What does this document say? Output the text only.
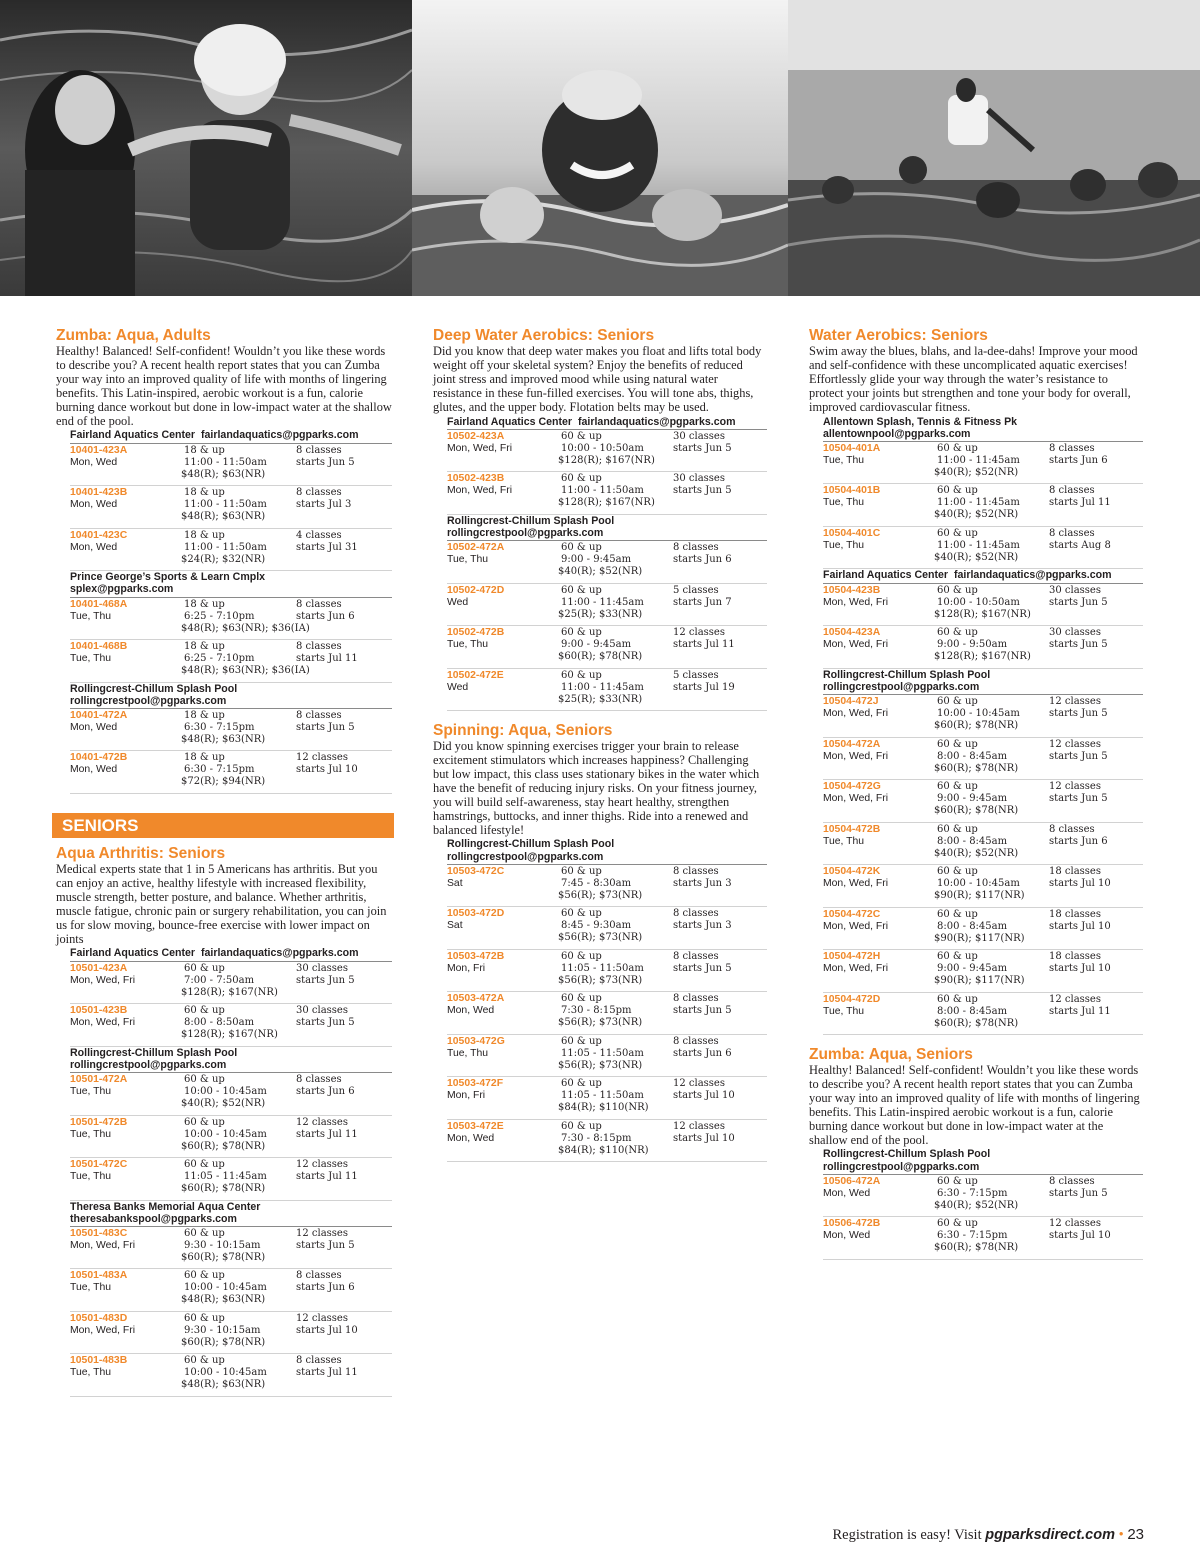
Zumba: Aqua, Adults

Healthy! Balanced! Self-confident! Wouldn’t you like these words to describe you? A recent health report states that you can Zumba your way into an improved quality of life with months of lingering benefits. This Latin-inspired, aerobic workout is a fun, calorie burning dance workout but done in low-impact water at the shallow end of the pool.

Fairland Aquatics Center fairlandaquatics@pgparks.com
10401-423A
Mon, Wed
18 & up
11:00 - 11:50am
$48(R); $63(NR)
8 classes
starts Jun 5
10401-423B
Mon, Wed
18 & up
11:00 - 11:50am
$48(R); $63(NR)
8 classes
starts Jul 3
10401-423C
Mon, Wed
18 & up
11:00 - 11:50am
$24(R); $32(NR)
4 classes
starts Jul 31
Prince George’s Sports & Learn Cmplx
splex@pgparks.com
10401-468A
Tue, Thu
18 & up
6:25 - 7:10pm
$48(R); $63(NR); $36(IA)
8 classes
starts Jun 6
10401-468B
Tue, Thu
18 & up
6:25 - 7:10pm
$48(R); $63(NR); $36(IA)
8 classes
starts Jul 11
Rollingcrest-Chillum Splash Pool
rollingcrestpool@pgparks.com
10401-472A
Mon, Wed
18 & up
6:30 - 7:15pm
$48(R); $63(NR)
8 classes
starts Jun 5
10401-472B
Mon, Wed
18 & up
6:30 - 7:15pm
$72(R); $94(NR)
12 classes
starts Jul 10
SENIORS
Aqua Arthritis: Seniors

Medical experts state that 1 in 5 Americans has arthritis. But you can enjoy an active, healthy lifestyle with increased flexibility, muscle strength, better posture, and balance. Whether arthritis, muscle fatigue, chronic pain or surgery rehabilitation, you can join us for slow moving, bounce-free exercise with lower impact on joints

Fairland Aquatics Center fairlandaquatics@pgparks.com
10501-423A
Mon, Wed, Fri
60 & up
7:00 - 7:50am
$128(R); $167(NR)
30 classes
starts Jun 5
10501-423B
Mon, Wed, Fri
60 & up
8:00 - 8:50am
$128(R); $167(NR)
30 classes
starts Jun 5
Rollingcrest-Chillum Splash Pool
rollingcrestpool@pgparks.com
10501-472A
Tue, Thu
60 & up
10:00 - 10:45am
$40(R); $52(NR)
8 classes
starts Jun 6
10501-472B
Tue, Thu
60 & up
10:00 - 10:45am
$60(R); $78(NR)
12 classes
starts Jul 11
10501-472C
Tue, Thu
60 & up
11:05 - 11:45am
$60(R); $78(NR)
12 classes
starts Jul 11
Theresa Banks Memorial Aqua Center
theresabankspool@pgparks.com
10501-483C
Mon, Wed, Fri
60 & up
9:30 - 10:15am
$60(R); $78(NR)
12 classes
starts Jun 5
10501-483A
Tue, Thu
60 & up
10:00 - 10:45am
$48(R); $63(NR)
8 classes
starts Jun 6
10501-483D
Mon, Wed, Fri
60 & up
9:30 - 10:15am
$60(R); $78(NR)
12 classes
starts Jul 10
10501-483B
Tue, Thu
60 & up
10:00 - 10:45am
$48(R); $63(NR)
8 classes
starts Jul 11
Deep Water Aerobics: Seniors

Did you know that deep water makes you float and lifts total body weight off your skeletal system? Enjoy the benefits of reduced joint stress and improved mood while using natural water resistance in these fun-filled exercises. You will tone abs, thighs, glutes, and the upper body. Flotation belts may be used.

Fairland Aquatics Center fairlandaquatics@pgparks.com
10502-423A
Mon, Wed, Fri
60 & up
10:00 - 10:50am
$128(R); $167(NR)
30 classes
starts Jun 5
10502-423B
Mon, Wed, Fri
60 & up
11:00 - 11:50am
$128(R); $167(NR)
30 classes
starts Jun 5
Rollingcrest-Chillum Splash Pool
rollingcrestpool@pgparks.com
10502-472A
Tue, Thu
60 & up
9:00 - 9:45am
$40(R); $52(NR)
8 classes
starts Jun 6
10502-472D
Wed
60 & up
11:00 - 11:45am
$25(R); $33(NR)
5 classes
starts Jun 7
10502-472B
Tue, Thu
60 & up
9:00 - 9:45am
$60(R); $78(NR)
12 classes
starts Jul 11
10502-472E
Wed
60 & up
11:00 - 11:45am
$25(R); $33(NR)
5 classes
starts Jul 19
Spinning: Aqua, Seniors

Did you know spinning exercises trigger your brain to release excitement stimulators which increases happiness? Challenging but low impact, this class uses stationary bikes in the water which have the benefit of reducing injury risks. On your fitness journey, you will build self-awareness, stay heart healthy, strengthen hamstrings, buttocks, and inner thighs. Ride into a renewed and balanced lifestyle!

Rollingcrest-Chillum Splash Pool
rollingcrestpool@pgparks.com
10503-472C
Sat
60 & up
7:45 - 8:30am
$56(R); $73(NR)
8 classes
starts Jun 3
10503-472D
Sat
60 & up
8:45 - 9:30am
$56(R); $73(NR)
8 classes
starts Jun 3
10503-472B
Mon, Fri
60 & up
11:05 - 11:50am
$56(R); $73(NR)
8 classes
starts Jun 5
10503-472A
Mon, Wed
60 & up
7:30 - 8:15pm
$56(R); $73(NR)
8 classes
starts Jun 5
10503-472G
Tue, Thu
60 & up
11:05 - 11:50am
$56(R); $73(NR)
8 classes
starts Jun 6
10503-472F
Mon, Fri
60 & up
11:05 - 11:50am
$84(R); $110(NR)
12 classes
starts Jul 10
10503-472E
Mon, Wed
60 & up
7:30 - 8:15pm
$84(R); $110(NR)
12 classes
starts Jul 10
Water Aerobics: Seniors

Swim away the blues, blahs, and la-dee-dahs! Improve your mood and self-confidence with these uncomplicated aquatic exercises! Effortlessly glide your way through the water’s resistance to protect your joints but strengthen and tone your body for overall, improved cardiovascular fitness.

Allentown Splash, Tennis & Fitness Pk
allentownpool@pgparks.com
10504-401A
Tue, Thu
60 & up
11:00 - 11:45am
$40(R); $52(NR)
8 classes
starts Jun 6
10504-401B
Tue, Thu
60 & up
11:00 - 11:45am
$40(R); $52(NR)
8 classes
starts Jul 11
10504-401C
Tue, Thu
60 & up
11:00 - 11:45am
$40(R); $52(NR)
8 classes
starts Aug 8
Fairland Aquatics Center fairlandaquatics@pgparks.com
10504-423B
Mon, Wed, Fri
60 & up
10:00 - 10:50am
$128(R); $167(NR)
30 classes
starts Jun 5
10504-423A
Mon, Wed, Fri
60 & up
9:00 - 9:50am
$128(R); $167(NR)
30 classes
starts Jun 5
Rollingcrest-Chillum Splash Pool
rollingcrestpool@pgparks.com
10504-472J
Mon, Wed, Fri
60 & up
10:00 - 10:45am
$60(R); $78(NR)
12 classes
starts Jun 5
10504-472A
Mon, Wed, Fri
60 & up
8:00 - 8:45am
$60(R); $78(NR)
12 classes
starts Jun 5
10504-472G
Mon, Wed, Fri
60 & up
9:00 - 9:45am
$60(R); $78(NR)
12 classes
starts Jun 5
10504-472B
Tue, Thu
60 & up
8:00 - 8:45am
$40(R); $52(NR)
8 classes
starts Jun 6
10504-472K
Mon, Wed, Fri
60 & up
10:00 - 10:45am
$90(R); $117(NR)
18 classes
starts Jul 10
10504-472C
Mon, Wed, Fri
60 & up
8:00 - 8:45am
$90(R); $117(NR)
18 classes
starts Jul 10
10504-472H
Mon, Wed, Fri
60 & up
9:00 - 9:45am
$90(R); $117(NR)
18 classes
starts Jul 10
10504-472D
Tue, Thu
60 & up
8:00 - 8:45am
$60(R); $78(NR)
12 classes
starts Jul 11
Zumba: Aqua, Seniors

Healthy! Balanced! Self-confident! Wouldn’t you like these words to describe you? A recent health report states that you can Zumba your way into an improved quality of life with months of lingering benefits. This Latin-inspired aerobic workout is a fun, calorie burning dance workout but done in low-impact water at the shallow end of the pool.

Rollingcrest-Chillum Splash Pool
rollingcrestpool@pgparks.com
10506-472A
Mon, Wed
60 & up
6:30 - 7:15pm
$40(R); $52(NR)
8 classes
starts Jun 5
10506-472B
Mon, Wed
60 & up
6:30 - 7:15pm
$60(R); $78(NR)
12 classes
starts Jul 10
Registration is easy! Visit pgparksdirect.com • 23
